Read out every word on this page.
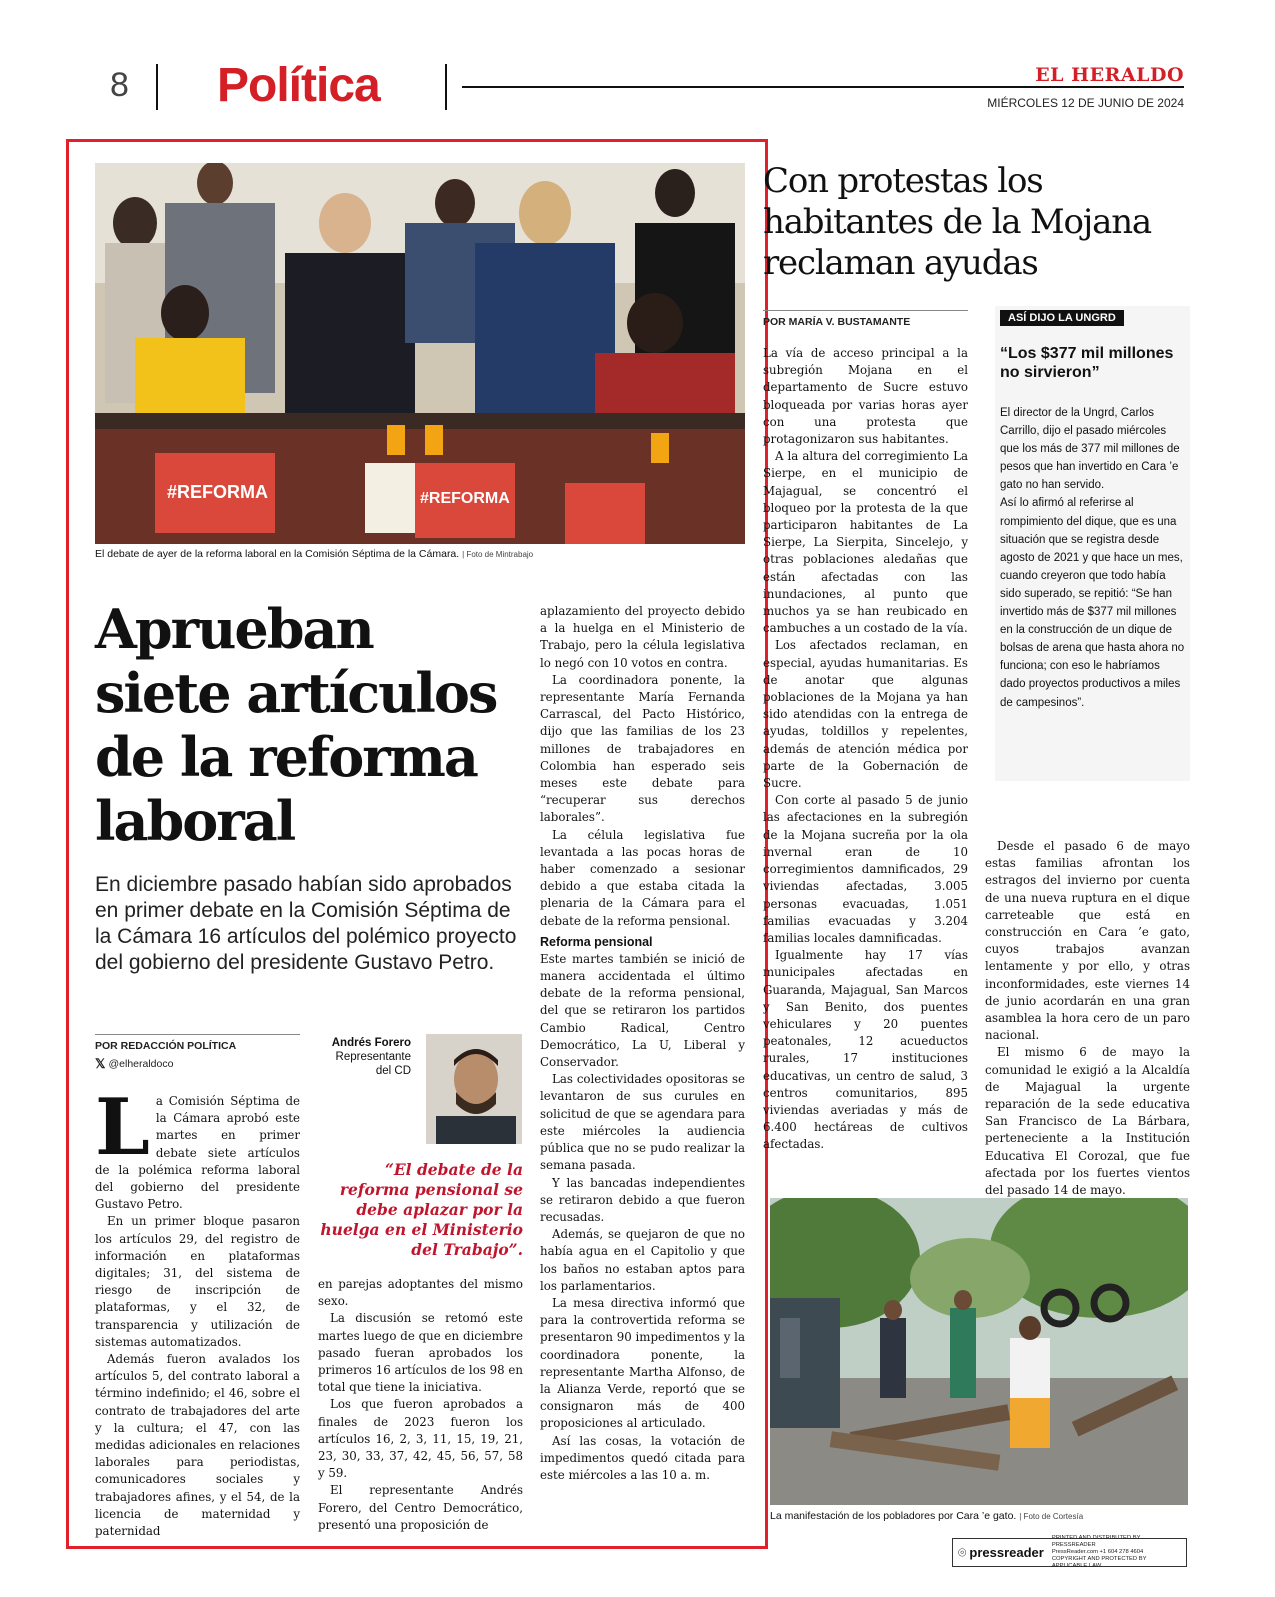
8 Política	EL HERALDO
MIÉRCOLES 12 DE JUNIO DE 2024
#REFORMA	#REFORMA
El debate de ayer de la reforma laboral en la Comisión Séptima de la Cámara. | Foto de Mintrabajo
Aprueban siete artículos de la reforma laboral
En diciembre pasado habían sido aprobados en primer debate en la Comisión Séptima de la Cámara 16 artículos del polémico proyecto del gobierno del presidente Gustavo Petro.
POR REDACCIÓN POLÍTICA
𝕏 @elheraldoco
Andrés Forero
Representante del CD
“El debate de la reforma pensional se debe aplazar por la huelga en el Ministerio del Trabajo”.
L a Comisión Séptima de la Cámara aprobó este martes en primer debate siete artículos de la polémica reforma laboral del gobierno del presidente Gustavo Petro.

En un primer bloque pasaron los artículos 29, del registro de información en plataformas digitales; 31, del sistema de riesgo de inscripción de plataformas, y el 32, de transparencia y utilización de sistemas automatizados.

Además fueron avalados los artículos 5, del contrato laboral a término indefinido; el 46, sobre el contrato de trabajadores del arte y la cultura; el 47, con las medidas adicionales en relaciones laborales para periodistas, comunicadores sociales y trabajadores afines, y el 54, de la licencia de maternidad y paternidad

en parejas adoptantes del mismo sexo.

La discusión se retomó este martes luego de que en diciembre pasado fueran aprobados los primeros 16 artículos de los 98 en total que tiene la iniciativa.

Los que fueron aprobados a finales de 2023 fueron los artículos 16, 2, 3, 11, 15, 19, 21, 23, 30, 33, 37, 42, 45, 56, 57, 58 y 59.

El representante Andrés Forero, del Centro Democrático, presentó una proposición de

aplazamiento del proyecto debido a la huelga en el Ministerio de Trabajo, pero la célula legislativa lo negó con 10 votos en contra.

La coordinadora ponente, la representante María Fernanda Carrascal, del Pacto Histórico, dijo que las familias de los 23 millones de trabajadores en Colombia han esperado seis meses este debate para “recuperar sus derechos laborales”.

La célula legislativa fue levantada a las pocas horas de haber comenzado a sesionar debido a que estaba citada la plenaria de la Cámara para el debate de la reforma pensional.

Reforma pensional

Este martes también se inició de manera accidentada el último debate de la reforma pensional, del que se retiraron los partidos Cambio Radical, Centro Democrático, La U, Liberal y Conservador.

Las colectividades opositoras se levantaron de sus curules en solicitud de que se agendara para este miércoles la audiencia pública que no se pudo realizar la semana pasada.

Y las bancadas independientes se retiraron debido a que fueron recusadas.

Además, se quejaron de que no había agua en el Capitolio y que los baños no estaban aptos para los parlamentarios.

La mesa directiva informó que para la controvertida reforma se presentaron 90 impedimentos y la coordinadora ponente, la representante Martha Alfonso, de la Alianza Verde, reportó que se consignaron más de 400 proposiciones al articulado.

Así las cosas, la votación de impedimentos quedó citada para este miércoles a las 10 a. m.

Con protestas los habitantes de la Mojana reclaman ayudas
POR MARÍA V. BUSTAMANTE

La vía de acceso principal a la subregión Mojana en el departamento de Sucre estuvo bloqueada por varias horas ayer con una protesta que protagonizaron sus habitantes.

A la altura del corregimiento La Sierpe, en el municipio de Majagual, se concentró el bloqueo por la protesta de la que participaron habitantes de La Sierpe, La Sierpita, Sincelejo, y otras poblaciones aledañas que están afectadas con las inundaciones, al punto que muchos ya se han reubicado en cambuches a un costado de la vía.

Los afectados reclaman, en especial, ayudas humanitarias. Es de anotar que algunas poblaciones de la Mojana ya han sido atendidas con la entrega de ayudas, toldillos y repelentes, además de atención médica por parte de la Gobernación de Sucre.

Con corte al pasado 5 de junio las afectaciones en la subregión de la Mojana sucreña por la ola invernal eran de 10 corregimientos damnificados, 29 viviendas afectadas, 3.005 personas evacuadas, 1.051 familias evacuadas y 3.204 familias locales damnificadas.

Igualmente hay 17 vías municipales afectadas en Guaranda, Majagual, San Marcos y San Benito, dos puentes vehiculares y 20 puentes peatonales, 12 acueductos rurales, 17 instituciones educativas, un centro de salud, 3 centros comunitarios, 895 viviendas averiadas y más de 6.400 hectáreas de cultivos afectadas.

ASÍ DIJO LA UNGRD
“Los $377 mil millones no sirvieron”

El director de la Ungrd, Carlos Carrillo, dijo el pasado miércoles que los más de 377 mil millones de pesos que han invertido en Cara ’e gato no han servido.

Así lo afirmó al referirse al rompimiento del dique, que es una situación que se registra desde agosto de 2021 y que hace un mes, cuando creyeron que todo había sido superado, se repitió: “Se han invertido más de $377 mil millones en la construcción de un dique de bolsas de arena que hasta ahora no funciona; con eso le habríamos dado proyectos productivos a miles de campesinos”.

Desde el pasado 6 de mayo estas familias afrontan los estragos del invierno por cuenta de una nueva ruptura en el dique carreteable que está en construcción en Cara ’e gato, cuyos trabajos avanzan lentamente y por ello, y otras inconformidades, este viernes 14 de junio acordarán en una gran asamblea la hora cero de un paro nacional.

El mismo 6 de mayo la comunidad le exigió a la Alcaldía de Majagual la urgente reparación de la sede educativa San Francisco de La Bárbara, perteneciente a la Institución Educativa El Corozal, que fue afectada por los fuertes vientos del pasado 14 de mayo.

La manifestación de los pobladores por Cara ’e gato. | Foto de Cortesía
⌾ pressreader
PRINTED AND DISTRIBUTED BY PRESSREADER
PressReader.com +1 604 278 4604
COPYRIGHT AND PROTECTED BY APPLICABLE LAW
